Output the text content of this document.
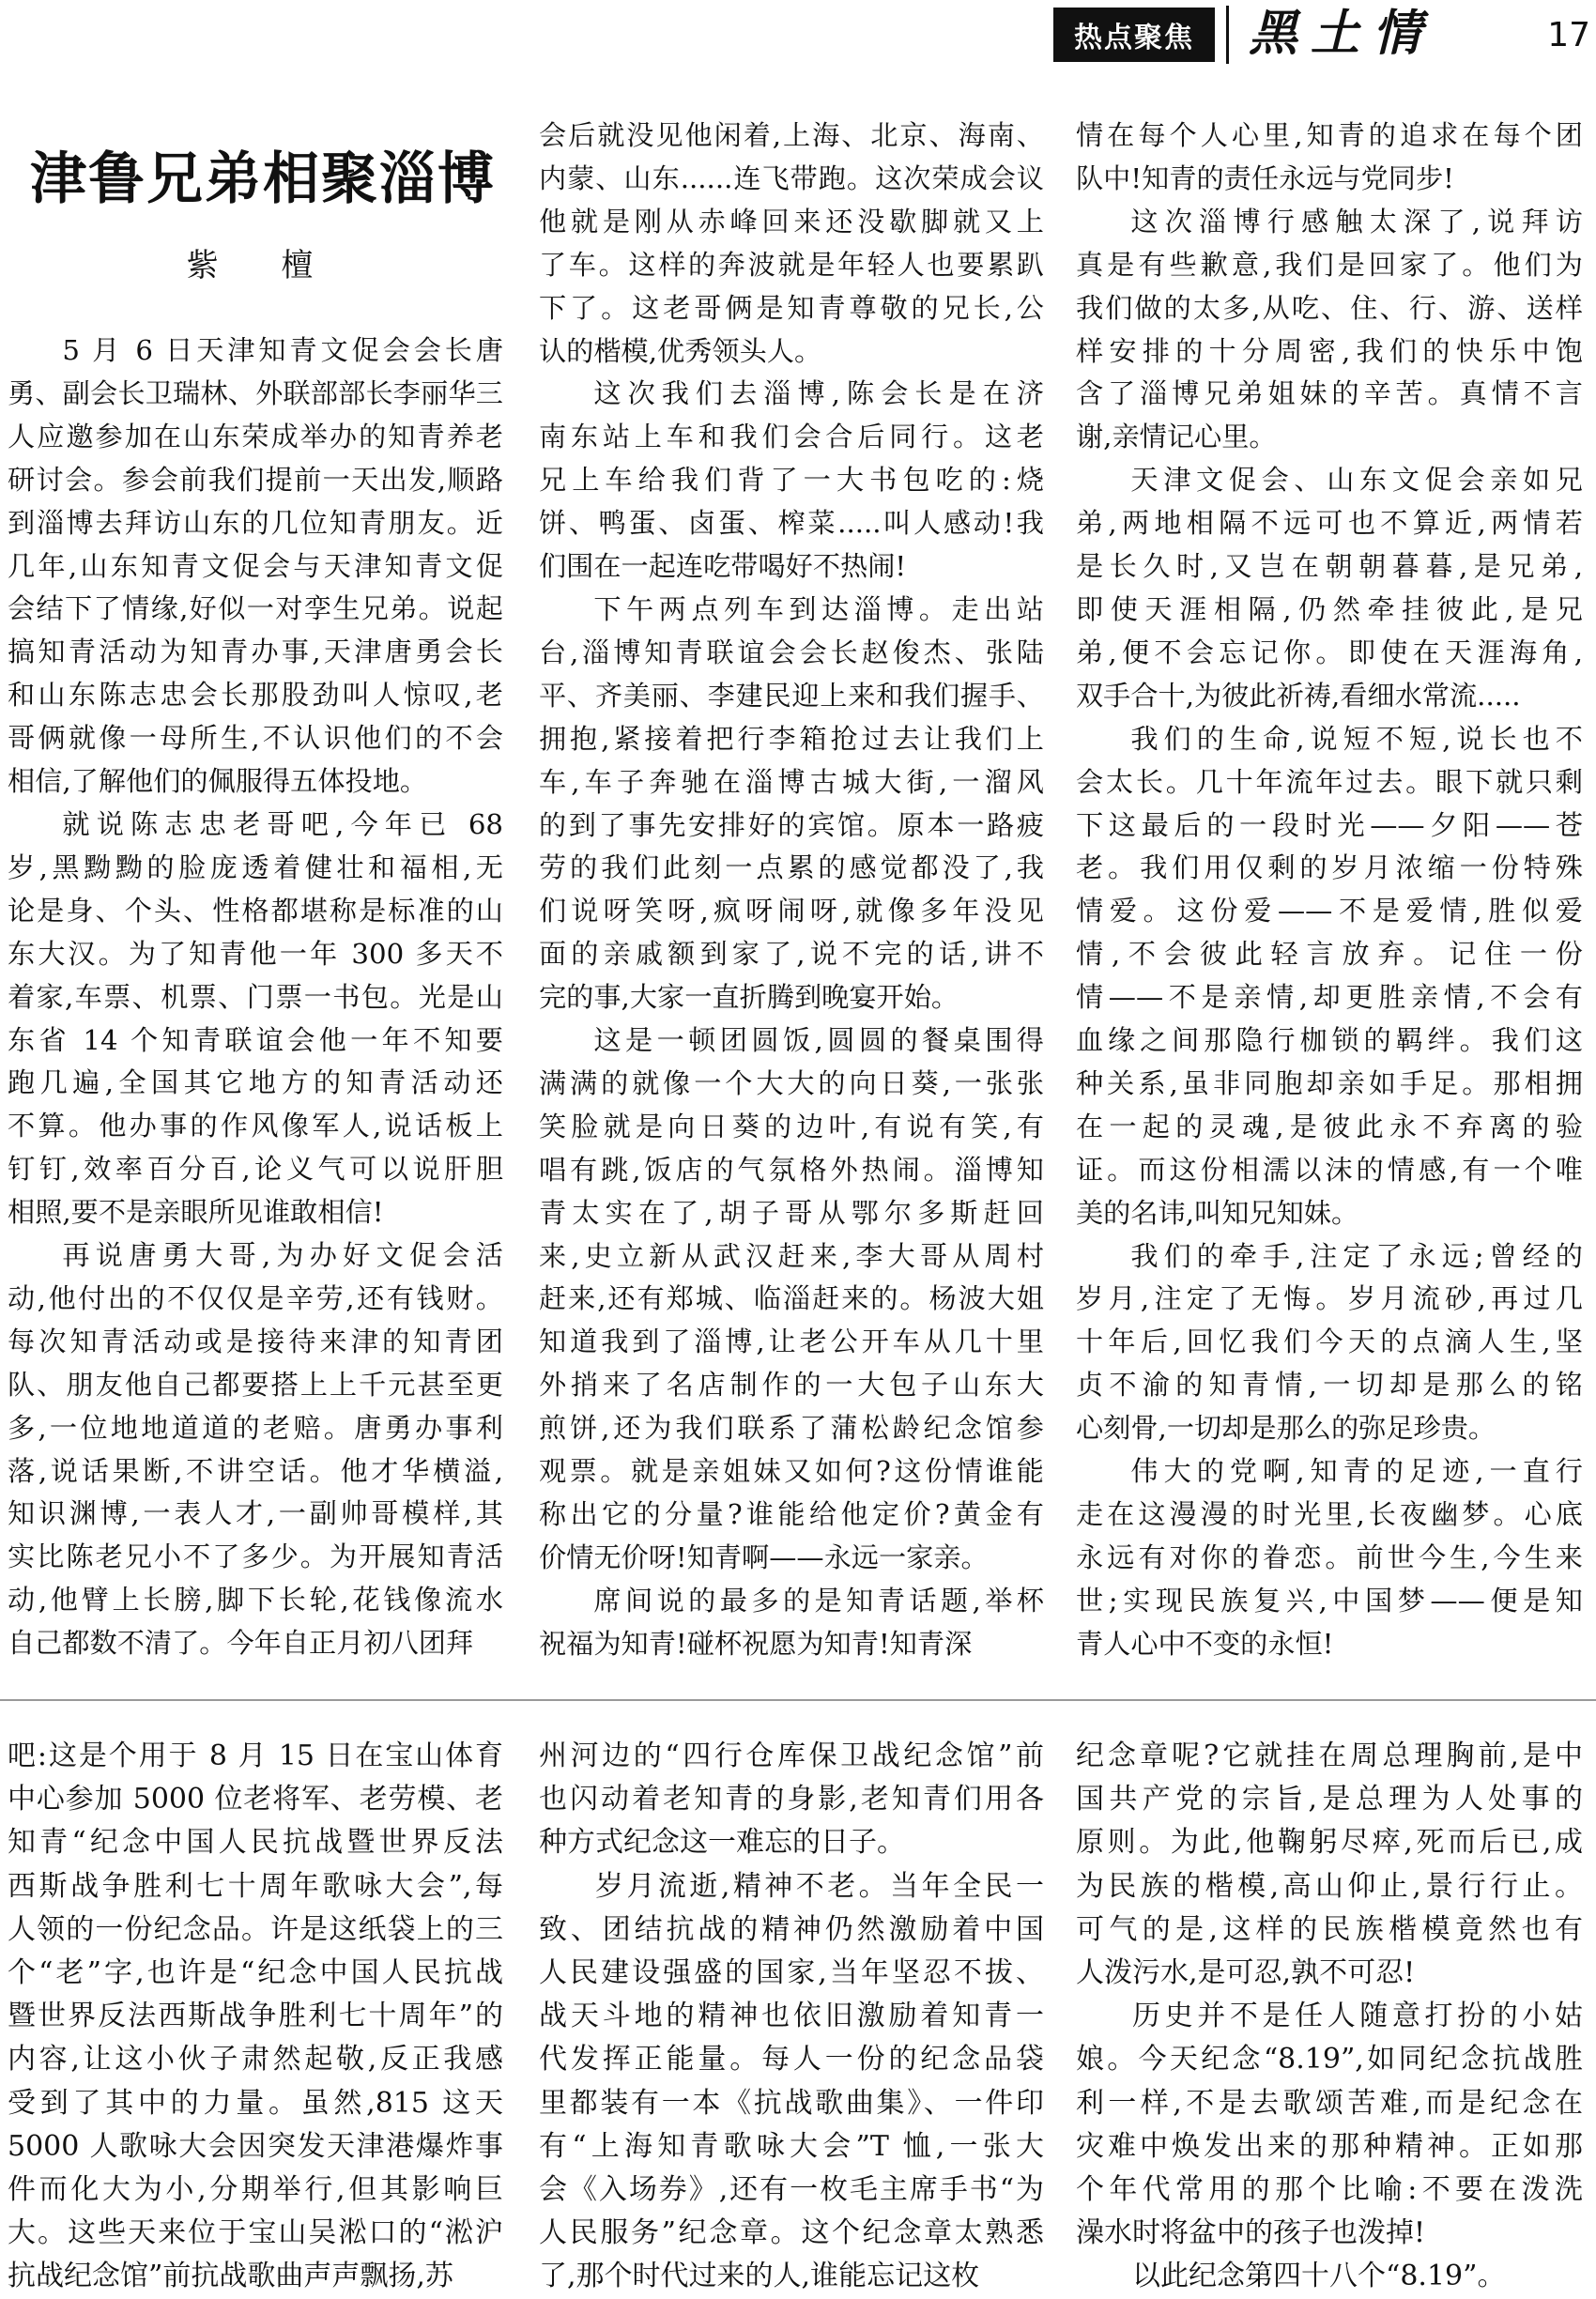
热点聚焦	黑土情	17
津鲁兄弟相聚淄博
紫 檀

5 月 6 日天津知青文促会会长唐

勇、副会长卫瑞林、外联部部长李丽华三

人应邀参加在山东荣成举办的知青养老

研讨会。参会前我们提前一天出发,顺路

到淄博去拜访山东的几位知青朋友。近

几年,山东知青文促会与天津知青文促

会结下了情缘,好似一对孪生兄弟。说起

搞知青活动为知青办事,天津唐勇会长

和山东陈志忠会长那股劲叫人惊叹,老

哥俩就像一母所生,不认识他们的不会

相信,了解他们的佩服得五体投地。

就说陈志忠老哥吧,今年已 68

岁,黑黝黝的脸庞透着健壮和福相,无

论是身、个头、性格都堪称是标准的山

东大汉。为了知青他一年 300 多天不

着家,车票、机票、门票一书包。光是山

东省 14 个知青联谊会他一年不知要

跑几遍,全国其它地方的知青活动还

不算。他办事的作风像军人,说话板上

钉钉,效率百分百,论义气可以说肝胆

相照,要不是亲眼所见谁敢相信!

再说唐勇大哥,为办好文促会活

动,他付出的不仅仅是辛劳,还有钱财。

每次知青活动或是接待来津的知青团

队、朋友他自己都要搭上上千元甚至更

多,一位地地道道的老赔。唐勇办事利

落,说话果断,不讲空话。他才华横溢,

知识渊博,一表人才,一副帅哥模样,其

实比陈老兄小不了多少。为开展知青活

动,他臂上长膀,脚下长轮,花钱像流水

自己都数不清了。今年自正月初八团拜

会后就没见他闲着,上海、北京、海南、

内蒙、山东......连飞带跑。这次荣成会议

他就是刚从赤峰回来还没歇脚就又上

了车。这样的奔波就是年轻人也要累趴

下了。这老哥俩是知青尊敬的兄长,公

认的楷模,优秀领头人。

这次我们去淄博,陈会长是在济

南东站上车和我们会合后同行。这老

兄上车给我们背了一大书包吃的:烧

饼、鸭蛋、卤蛋、榨菜.....叫人感动!我

们围在一起连吃带喝好不热闹!

下午两点列车到达淄博。走出站

台,淄博知青联谊会会长赵俊杰、张陆

平、齐美丽、李建民迎上来和我们握手、

拥抱,紧接着把行李箱抢过去让我们上

车,车子奔驰在淄博古城大街,一溜风

的到了事先安排好的宾馆。原本一路疲

劳的我们此刻一点累的感觉都没了,我

们说呀笑呀,疯呀闹呀,就像多年没见

面的亲戚额到家了,说不完的话,讲不

完的事,大家一直折腾到晚宴开始。

这是一顿团圆饭,圆圆的餐桌围得

满满的就像一个大大的向日葵,一张张

笑脸就是向日葵的边叶,有说有笑,有

唱有跳,饭店的气氛格外热闹。淄博知

青太实在了,胡子哥从鄂尔多斯赶回

来,史立新从武汉赶来,李大哥从周村

赶来,还有郑城、临淄赶来的。杨波大姐

知道我到了淄博,让老公开车从几十里

外捎来了名店制作的一大包子山东大

煎饼,还为我们联系了蒲松龄纪念馆参

观票。就是亲姐妹又如何?这份情谁能

称出它的分量?谁能给他定价?黄金有

价情无价呀!知青啊——永远一家亲。

席间说的最多的是知青话题,举杯

祝福为知青!碰杯祝愿为知青!知青深

情在每个人心里,知青的追求在每个团

队中!知青的责任永远与党同步!

这次淄博行感触太深了,说拜访

真是有些歉意,我们是回家了。他们为

我们做的太多,从吃、住、行、游、送样

样安排的十分周密,我们的快乐中饱

含了淄博兄弟姐妹的辛苦。真情不言

谢,亲情记心里。

天津文促会、山东文促会亲如兄

弟,两地相隔不远可也不算近,两情若

是长久时,又岂在朝朝暮暮,是兄弟,

即使天涯相隔,仍然牵挂彼此,是兄

弟,便不会忘记你。即使在天涯海角,

双手合十,为彼此祈祷,看细水常流.....

我们的生命,说短不短,说长也不

会太长。几十年流年过去。眼下就只剩

下这最后的一段时光——夕阳——苍

老。我们用仅剩的岁月浓缩一份特殊

情爱。这份爱——不是爱情,胜似爱

情,不会彼此轻言放弃。记住一份

情——不是亲情,却更胜亲情,不会有

血缘之间那隐行枷锁的羁绊。我们这

种关系,虽非同胞却亲如手足。那相拥

在一起的灵魂,是彼此永不弃离的验

证。而这份相濡以沫的情感,有一个唯

美的名讳,叫知兄知妹。

我们的牵手,注定了永远;曾经的

岁月,注定了无悔。岁月流砂,再过几

十年后,回忆我们今天的点滴人生,坚

贞不渝的知青情,一切却是那么的铭

心刻骨,一切却是那么的弥足珍贵。

伟大的党啊,知青的足迹,一直行

走在这漫漫的时光里,长夜幽梦。心底

永远有对你的眷恋。前世今生,今生来

世;实现民族复兴,中国梦——便是知

青人心中不变的永恒!

吧:这是个用于 8 月 15 日在宝山体育

中心参加 5000 位老将军、老劳模、老

知青“纪念中国人民抗战暨世界反法

西斯战争胜利七十周年歌咏大会”,每

人领的一份纪念品。许是这纸袋上的三

个“老”字,也许是“纪念中国人民抗战

暨世界反法西斯战争胜利七十周年”的

内容,让这小伙子肃然起敬,反正我感

受到了其中的力量。虽然,815 这天

5000 人歌咏大会因突发天津港爆炸事

件而化大为小,分期举行,但其影响巨

大。这些天来位于宝山吴淞口的“淞沪

抗战纪念馆”前抗战歌曲声声飘扬,苏

州河边的“四行仓库保卫战纪念馆”前

也闪动着老知青的身影,老知青们用各

种方式纪念这一难忘的日子。

岁月流逝,精神不老。当年全民一

致、团结抗战的精神仍然激励着中国

人民建设强盛的国家,当年坚忍不拔、

战天斗地的精神也依旧激励着知青一

代发挥正能量。每人一份的纪念品袋

里都装有一本《抗战歌曲集》、一件印

有“上海知青歌咏大会”T 恤,一张大

会《入场券》,还有一枚毛主席手书“为

人民服务”纪念章。这个纪念章太熟悉

了,那个时代过来的人,谁能忘记这枚

纪念章呢?它就挂在周总理胸前,是中

国共产党的宗旨,是总理为人处事的

原则。为此,他鞠躬尽瘁,死而后已,成

为民族的楷模,高山仰止,景行行止。

可气的是,这样的民族楷模竟然也有

人泼污水,是可忍,孰不可忍!

历史并不是任人随意打扮的小姑

娘。今天纪念“8.19”,如同纪念抗战胜

利一样,不是去歌颂苦难,而是纪念在

灾难中焕发出来的那种精神。正如那

个年代常用的那个比喻:不要在泼洗

澡水时将盆中的孩子也泼掉!

以此纪念第四十八个“8.19”。
